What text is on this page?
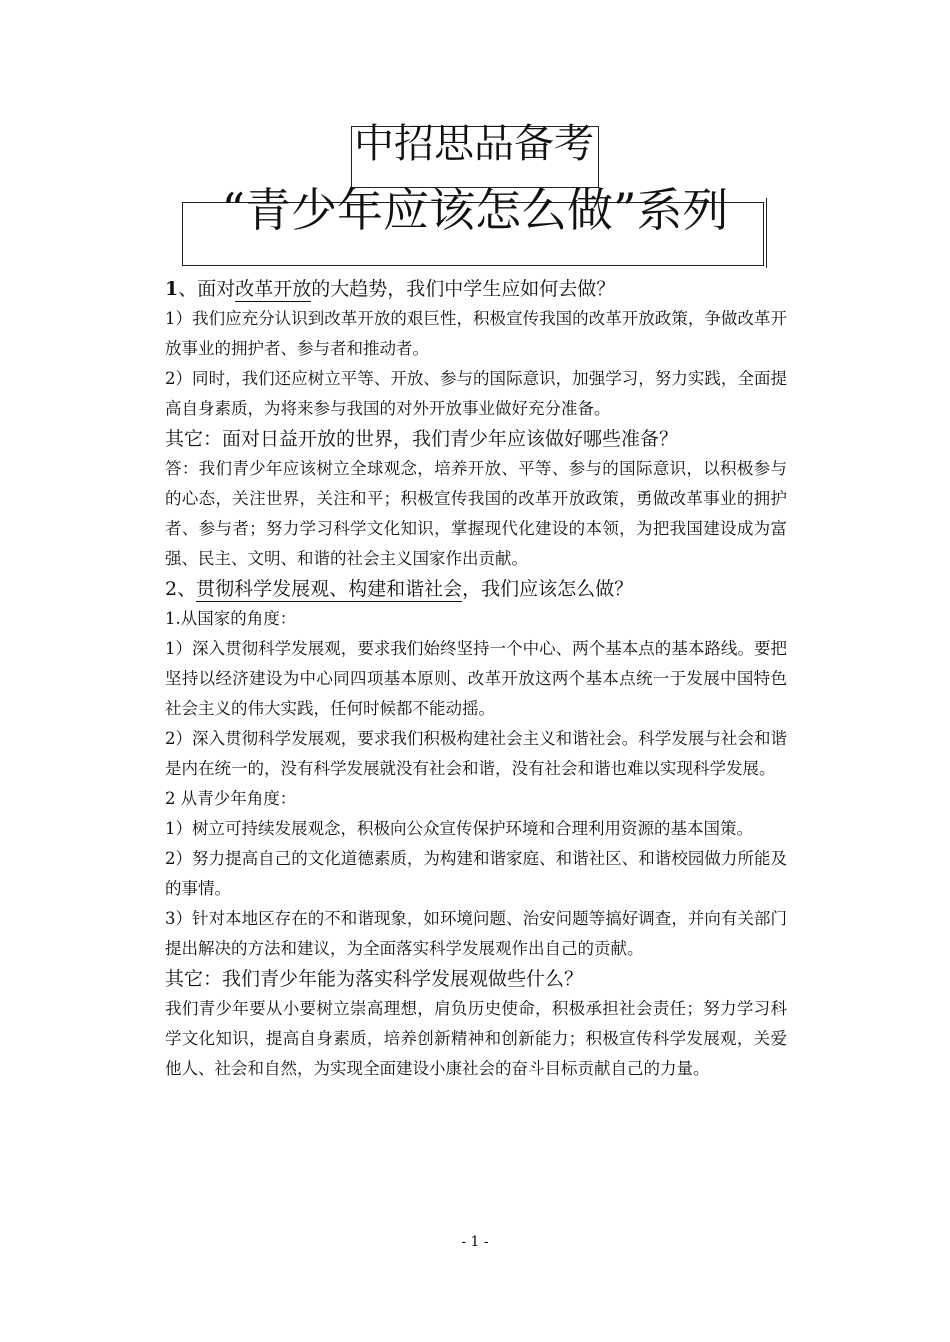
中招思品备考
“青少年应该怎么做”系列

1、面对改革开放的大趋势，我们中学生应如何去做？

1）我们应充分认识到改革开放的艰巨性，积极宣传我国的改革开放政策，争做改革开放事业的拥护者、参与者和推动者。

2）同时，我们还应树立平等、开放、参与的国际意识，加强学习，努力实践，全面提高自身素质，为将来参与我国的对外开放事业做好充分准备。

其它：面对日益开放的世界，我们青少年应该做好哪些准备？

答：我们青少年应该树立全球观念，培养开放、平等、参与的国际意识，以积极参与的心态，关注世界，关注和平；积极宣传我国的改革开放政策，勇做改革事业的拥护者、参与者；努力学习科学文化知识，掌握现代化建设的本领，为把我国建设成为富强、民主、文明、和谐的社会主义国家作出贡献。

2、贯彻科学发展观、构建和谐社会，我们应该怎么做？

1.从国家的角度：

1）深入贯彻科学发展观，要求我们始终坚持一个中心、两个基本点的基本路线。要把坚持以经济建设为中心同四项基本原则、改革开放这两个基本点统一于发展中国特色社会主义的伟大实践，任何时候都不能动摇。

2）深入贯彻科学发展观，要求我们积极构建社会主义和谐社会。科学发展与社会和谐是内在统一的，没有科学发展就没有社会和谐，没有社会和谐也难以实现科学发展。

2 从青少年角度：

1）树立可持续发展观念，积极向公众宣传保护环境和合理利用资源的基本国策。

2）努力提高自己的文化道德素质，为构建和谐家庭、和谐社区、和谐校园做力所能及的事情。

3）针对本地区存在的不和谐现象，如环境问题、治安问题等搞好调查，并向有关部门提出解决的方法和建议，为全面落实科学发展观作出自己的贡献。

其它：我们青少年能为落实科学发展观做些什么？

我们青少年要从小要树立崇高理想，肩负历史使命，积极承担社会责任；努力学习科学文化知识，提高自身素质，培养创新精神和创新能力；积极宣传科学发展观，关爱他人、社会和自然，为实现全面建设小康社会的奋斗目标贡献自己的力量。

- 1 -
